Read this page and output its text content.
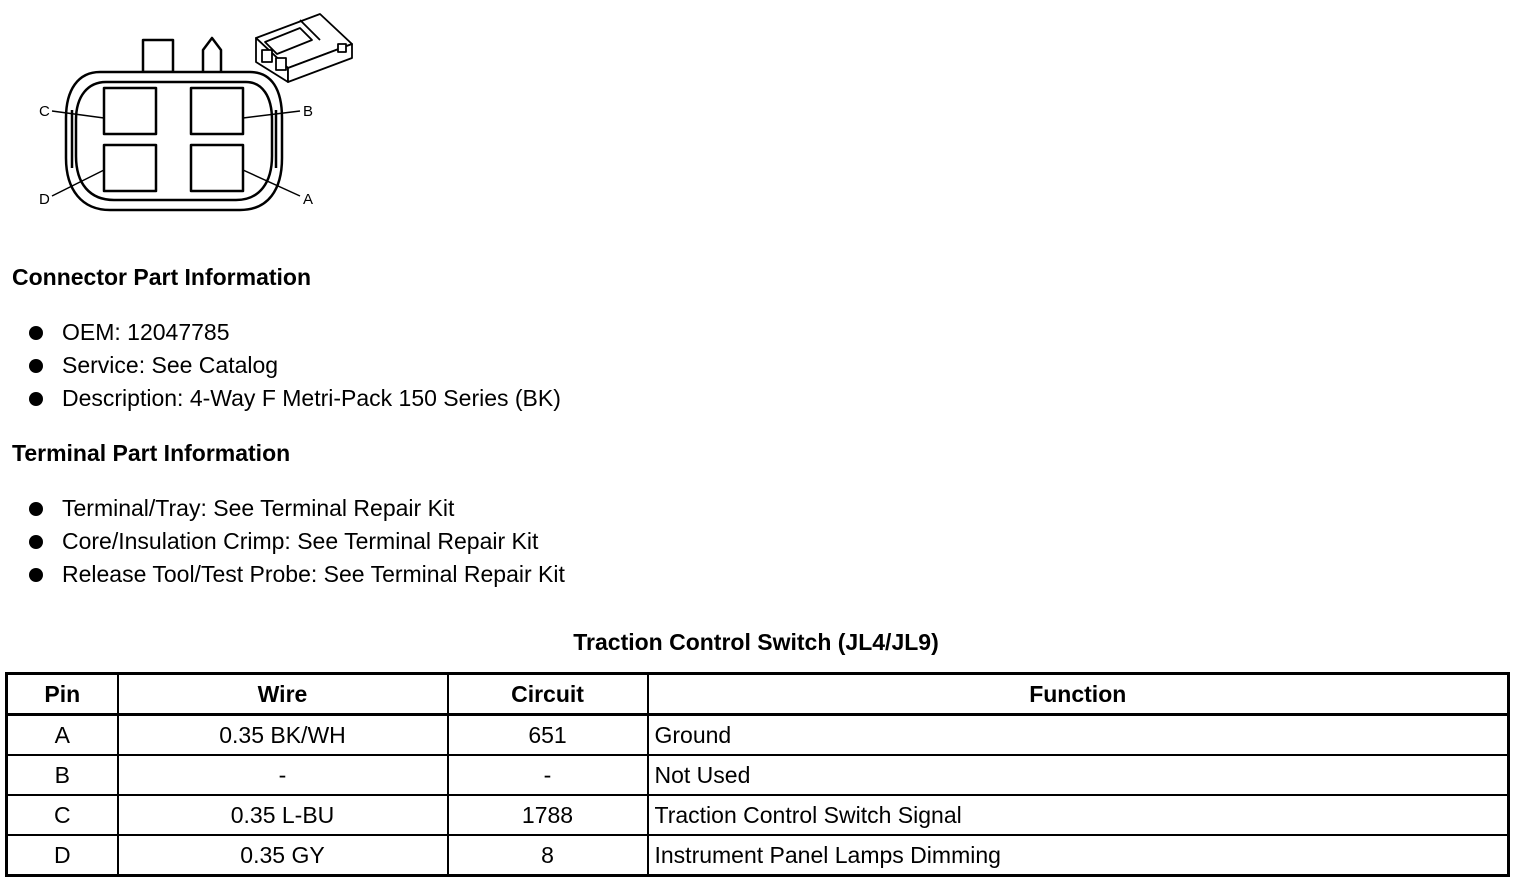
C	B
D	A
Connector Part Information
OEM: 12047785
Service: See Catalog
Description: 4-Way F Metri-Pack 150 Series (BK)
Terminal Part Information
Terminal/Tray: See Terminal Repair Kit
Core/Insulation Crimp: See Terminal Repair Kit
Release Tool/Test Probe: See Terminal Repair Kit
Traction Control Switch (JL4/JL9)
Pin	Wire	Circuit	Function
A	0.35 BK/WH	651	Ground
B	-	-	Not Used
C	0.35 L-BU	1788	Traction Control Switch Signal
D	0.35 GY	8	Instrument Panel Lamps Dimming
